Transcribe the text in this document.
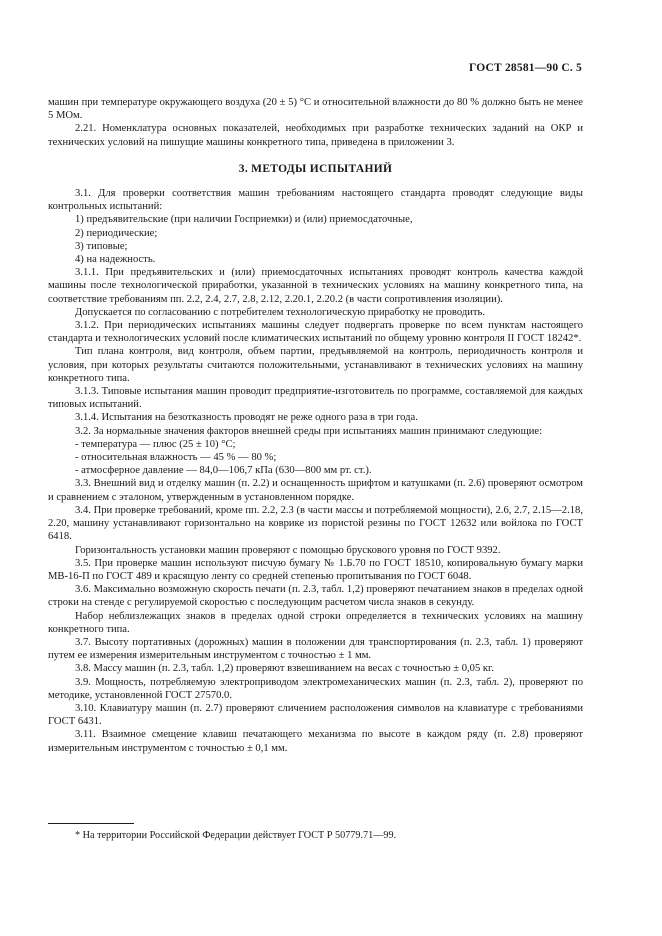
ГОСТ 28581—90 С. 5

машин при температуре окружающего воздуха (20 ± 5) °С и относительной влажности до 80 % должно быть не менее 5 МОм.

2.21. Номенклатура основных показателей, необходимых при разработке технических заданий на ОКР и технических условий на пишущие машины конкретного типа, приведена в приложении 3.

3. МЕТОДЫ ИСПЫТАНИЙ

3.1. Для проверки соответствия машин требованиям настоящего стандарта проводят следующие виды контрольных испытаний:

1) предъявительские (при наличии Госприемки) и (или) приемосдаточные,

2) периодические;

3) типовые;

4) на надежность.

3.1.1. При предъявительских и (или) приемосдаточных испытаниях проводят контроль качества каждой машины после технологической приработки, указанной в технических условиях на машину конкретного типа, на соответствие требованиям пп. 2.2, 2.4, 2.7, 2.8, 2.12, 2.20.1, 2.20.2 (в части сопротивления изоляции).

Допускается по согласованию с потребителем технологическую приработку не проводить.

3.1.2. При периодических испытаниях машины следует подвергать проверке по всем пунктам настоящего стандарта и технологических условий после климатических испытаний по общему уровню контроля II ГОСТ 18242*.

Тип плана контроля, вид контроля, объем партии, предъявляемой на контроль, периодичность контроля и условия, при которых результаты считаются положительными, устанавливают в технических условиях на машину конкретного типа.

3.1.3. Типовые испытания машин проводит предприятие-изготовитель по программе, составляемой для каждых типовых испытаний.

3.1.4. Испытания на безотказность проводят не реже одного раза в три года.

3.2. За нормальные значения факторов внешней среды при испытаниях машин принимают следующие:

- температура — плюс (25 ± 10) °С;

- относительная влажность — 45 % — 80 %;

- атмосферное давление — 84,0—106,7 кПа (630—800 мм рт. ст.).

3.3. Внешний вид и отделку машин (п. 2.2) и оснащенность шрифтом и катушками (п. 2.6) проверяют осмотром и сравнением с эталоном, утвержденным в установленном порядке.

3.4. При проверке требований, кроме пп. 2.2, 2.3 (в части массы и потребляемой мощности), 2.6, 2.7, 2.15—2.18, 2.20, машину устанавливают горизонтально на коврике из пористой резины по ГОСТ 12632 или войлока по ГОСТ 6418.

Горизонтальность установки машин проверяют с помощью брускового уровня по ГОСТ 9392.

3.5. При проверке машин используют писчую бумагу № 1.Б.70 по ГОСТ 18510, копировальную бумагу марки МВ-16-П по ГОСТ 489 и красящую ленту со средней степенью пропитывания по ГОСТ 6048.

3.6. Максимально возможную скорость печати (п. 2.3, табл. 1,2) проверяют печатанием знаков в пределах одной строки на стенде с регулируемой скоростью с последующим расчетом числа знаков в секунду.

Набор неблизлежащих знаков в пределах одной строки определяется в технических условиях на машину конкретного типа.

3.7. Высоту портативных (дорожных) машин в положении для транспортирования (п. 2.3, табл. 1) проверяют путем ее измерения измерительным инструментом с точностью ± 1 мм.

3.8. Массу машин (п. 2.3, табл. 1,2) проверяют взвешиванием на весах с точностью ± 0,05 кг.

3.9. Мощность, потребляемую электроприводом электромеханических машин (п. 2.3, табл. 2), проверяют по методике, установленной ГОСТ 27570.0.

3.10. Клавиатуру машин (п. 2.7) проверяют сличением расположения символов на клавиатуре с требованиями ГОСТ 6431.

3.11. Взаимное смещение клавиш печатающего механизма по высоте в каждом ряду (п. 2.8) проверяют измерительным инструментом с точностью ± 0,1 мм.

* На территории Российской Федерации действует ГОСТ Р 50779.71—99.
